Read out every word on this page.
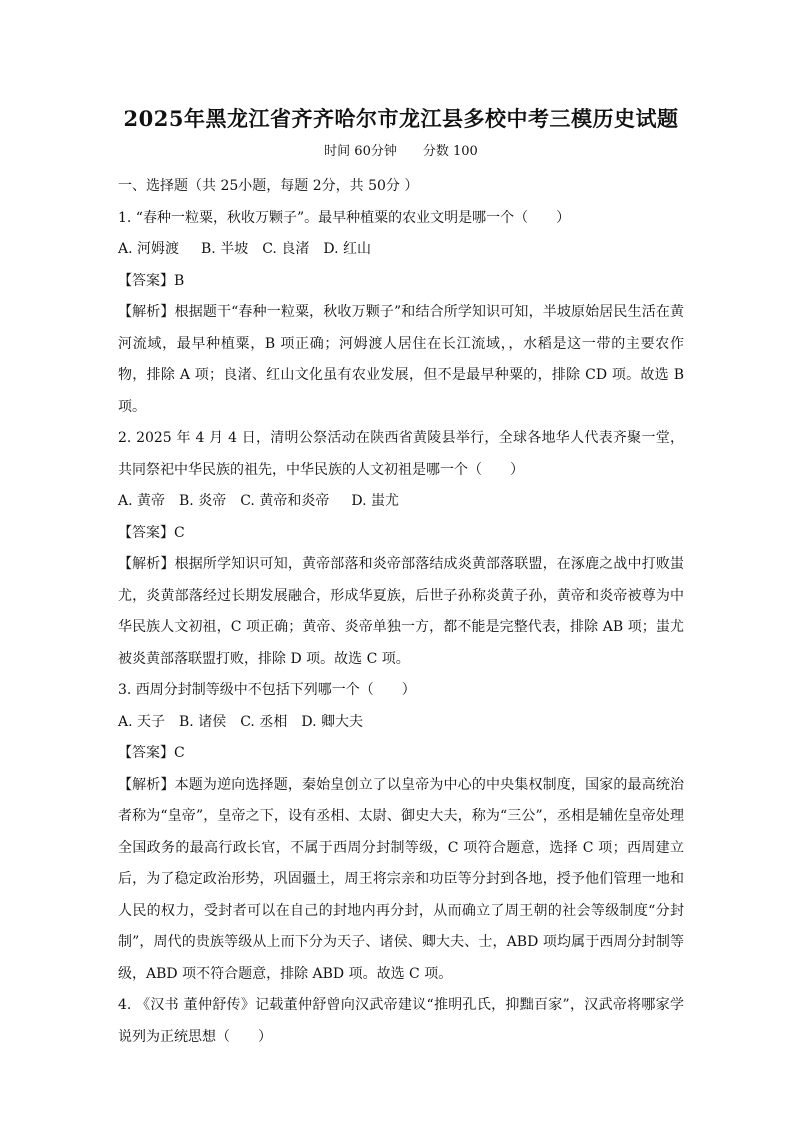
2025年黑龙江省齐齐哈尔市龙江县多校中考三模历史试题
时间 60分钟 分数 100
一、选择题（共 25小题，每题 2分，共 50分 ）
1. “春种一粒粟，秋收万颗子”。最早种植粟的农业文明是哪一个（　　）
A. 河姆渡 B. 半坡 C. 良渚 D. 红山
【答案】B
【解析】根据题干“春种一粒粟，秋收万颗子”和结合所学知识可知，半坡原始居民生活在黄河流域，最早种植粟，B 项正确；河姆渡人居住在长江流域，，水稻是这一带的主要农作物，排除 A 项；良渚、红山文化虽有农业发展，但不是最早种粟的，排除 CD 项。故选 B 项。
2. 2025 年 4 月 4 日，清明公祭活动在陕西省黄陵县举行，全球各地华人代表齐聚一堂，共同祭祀中华民族的祖先，中华民族的人文初祖是哪一个（　　）
A. 黄帝 B. 炎帝 C. 黄帝和炎帝 D. 蚩尤
【答案】C
【解析】根据所学知识可知，黄帝部落和炎帝部落结成炎黄部落联盟，在涿鹿之战中打败蚩尤，炎黄部落经过长期发展融合，形成华夏族，后世子孙称炎黄子孙，黄帝和炎帝被尊为中华民族人文初祖，C 项正确；黄帝、炎帝单独一方，都不能是完整代表，排除 AB 项；蚩尤被炎黄部落联盟打败，排除 D 项。故选 C 项。
3. 西周分封制等级中不包括下列哪一个（　　）
A. 天子 B. 诸侯 C. 丞相 D. 卿大夫
【答案】C
【解析】本题为逆向选择题，秦始皇创立了以皇帝为中心的中央集权制度，国家的最高统治者称为“皇帝”，皇帝之下，设有丞相、太尉、御史大夫，称为“三公”，丞相是辅佐皇帝处理全国政务的最高行政长官，不属于西周分封制等级，C 项符合题意，选择 C 项；西周建立后，为了稳定政治形势，巩固疆土，周王将宗亲和功臣等分封到各地，授予他们管理一地和人民的权力，受封者可以在自己的封地内再分封，从而确立了周王朝的社会等级制度“分封制”，周代的贵族等级从上而下分为天子、诸侯、卿大夫、士，ABD 项均属于西周分封制等级，ABD 项不符合题意，排除 ABD 项。故选 C 项。
4. 《汉书 董仲舒传》记载董仲舒曾向汉武帝建议“推明孔氏，抑黜百家”，汉武帝将哪家学说列为正统思想（　　）
